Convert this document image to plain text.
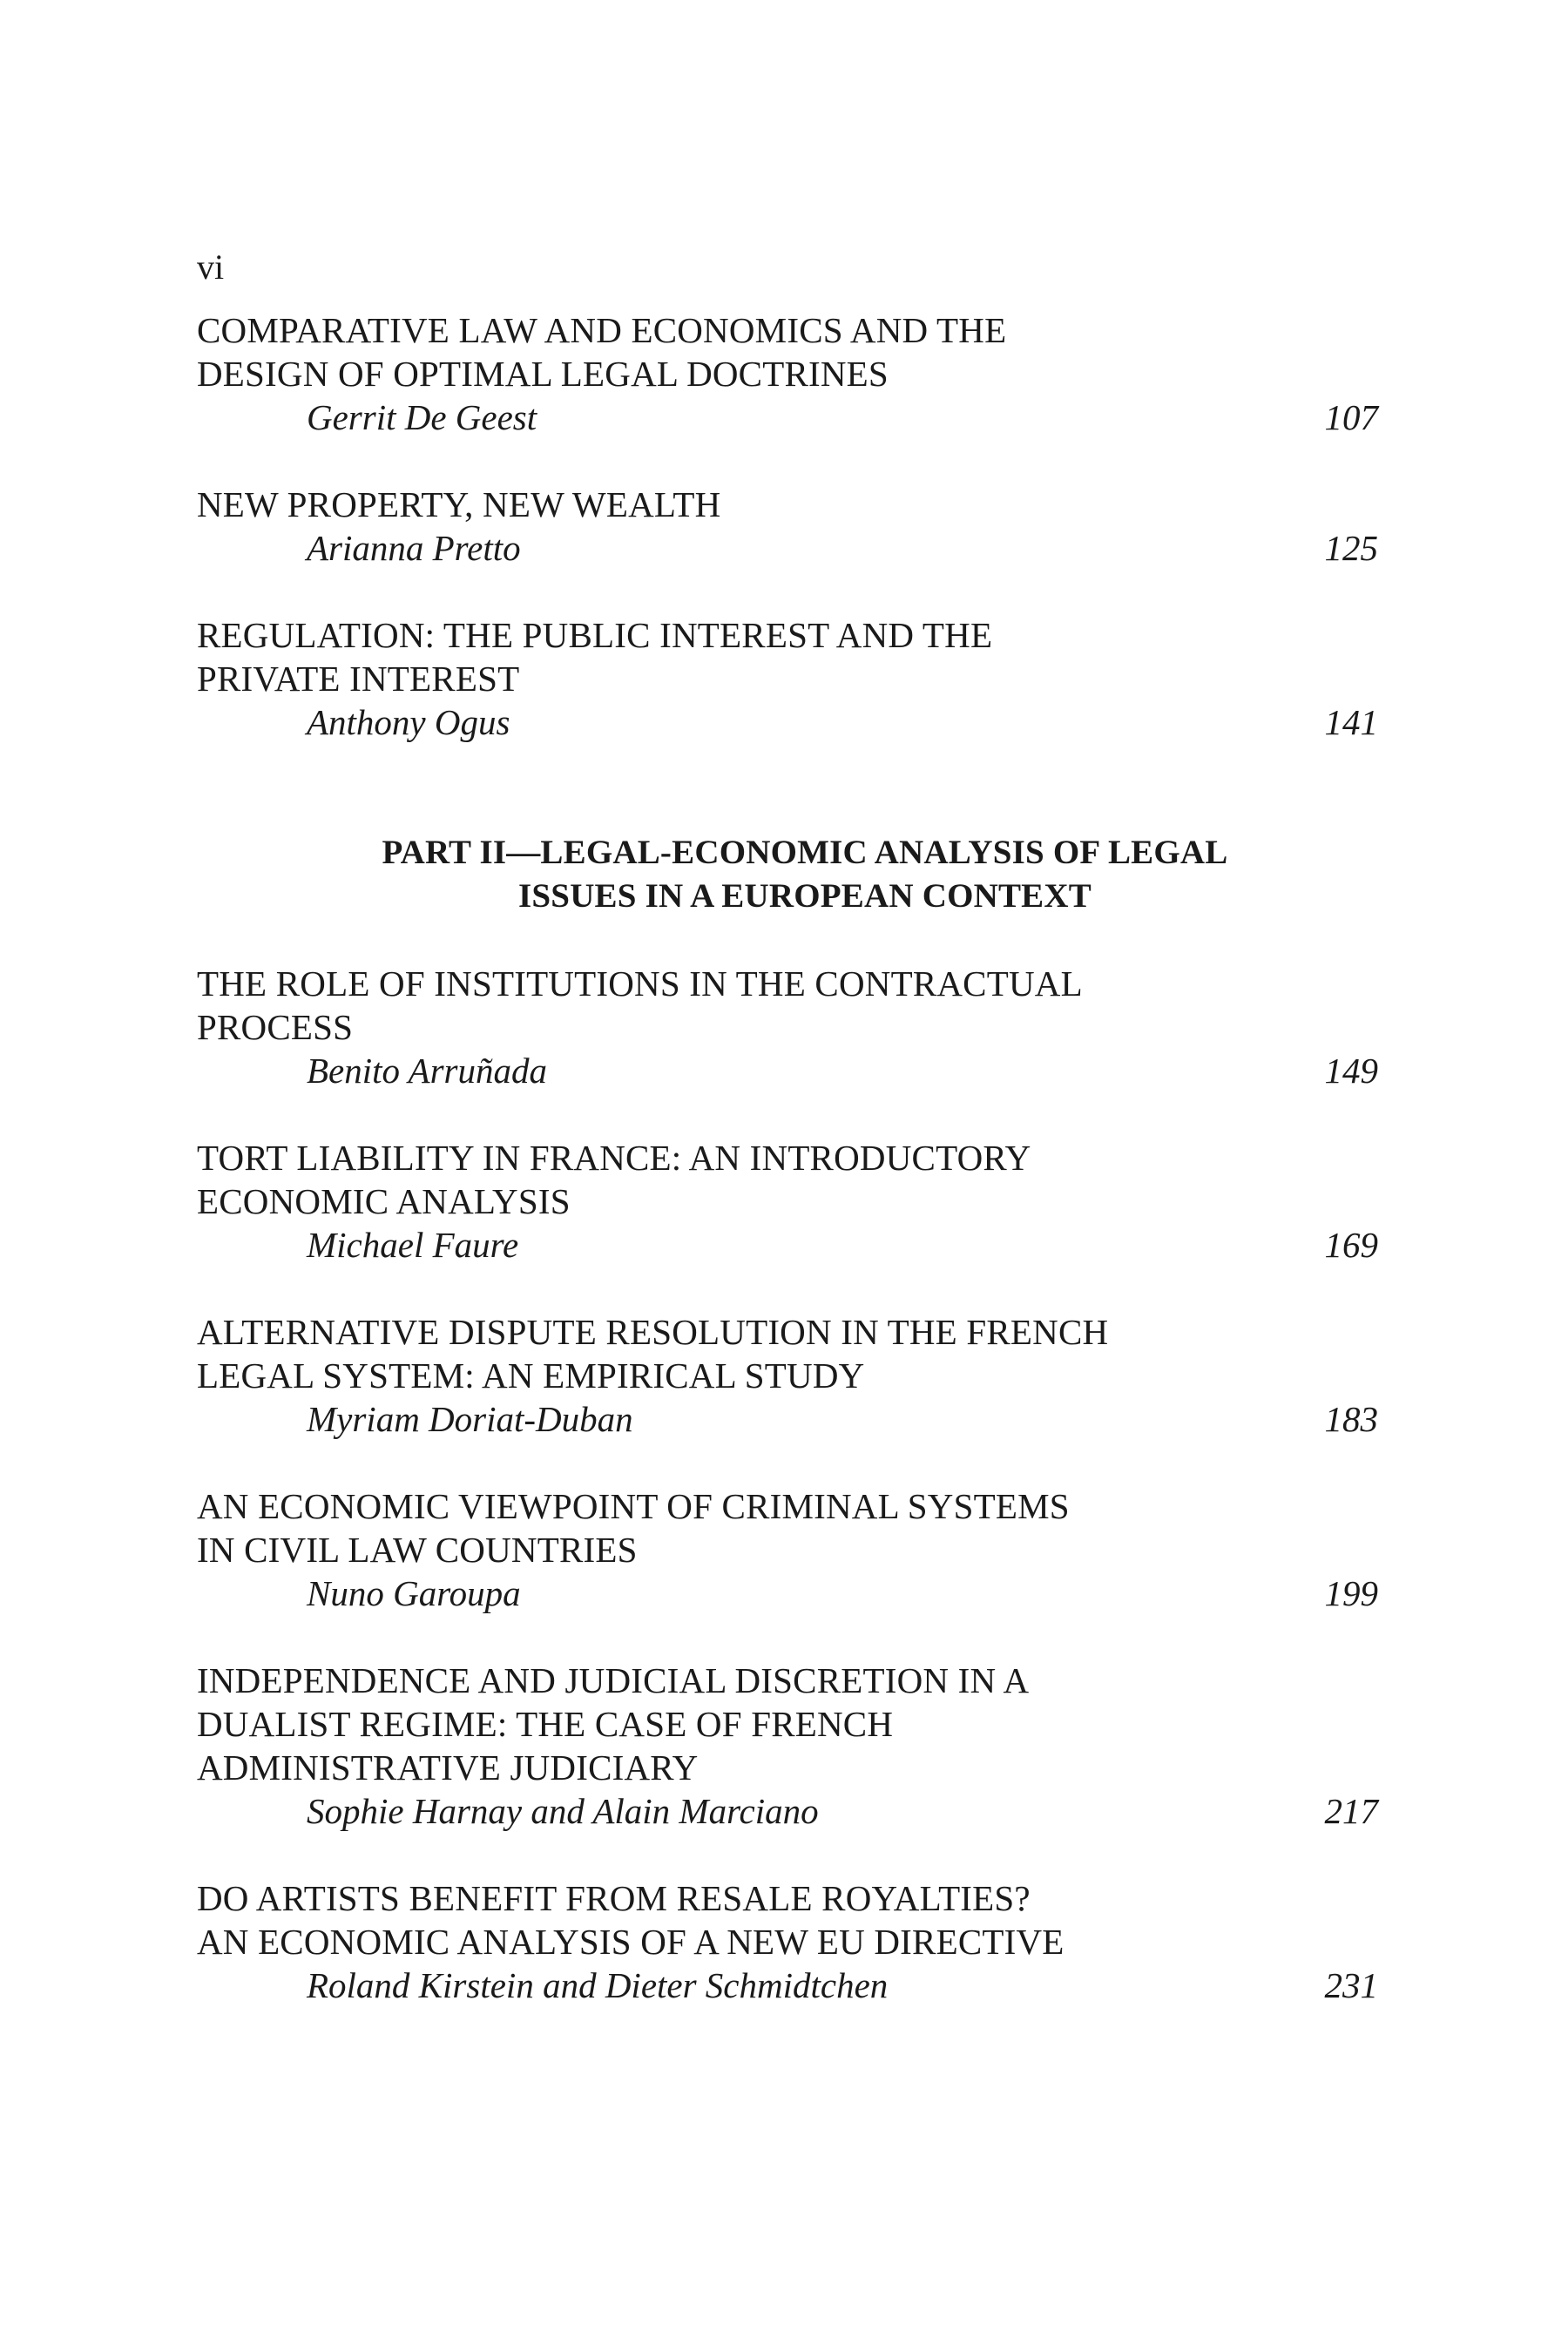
vi
COMPARATIVE LAW AND ECONOMICS AND THE
DESIGN OF OPTIMAL LEGAL DOCTRINES
Gerrit De Geest	107
NEW PROPERTY, NEW WEALTH
Arianna Pretto	125
REGULATION: THE PUBLIC INTEREST AND THE
PRIVATE INTEREST
Anthony Ogus	141
PART II—LEGAL-ECONOMIC ANALYSIS OF LEGAL
ISSUES IN A EUROPEAN CONTEXT
THE ROLE OF INSTITUTIONS IN THE CONTRACTUAL
PROCESS
Benito Arruñada	149
TORT LIABILITY IN FRANCE: AN INTRODUCTORY
ECONOMIC ANALYSIS
Michael Faure	169
ALTERNATIVE DISPUTE RESOLUTION IN THE FRENCH
LEGAL SYSTEM: AN EMPIRICAL STUDY
Myriam Doriat-Duban	183
AN ECONOMIC VIEWPOINT OF CRIMINAL SYSTEMS
IN CIVIL LAW COUNTRIES
Nuno Garoupa	199
INDEPENDENCE AND JUDICIAL DISCRETION IN A
DUALIST REGIME: THE CASE OF FRENCH
ADMINISTRATIVE JUDICIARY
Sophie Harnay and Alain Marciano	217
DO ARTISTS BENEFIT FROM RESALE ROYALTIES?
AN ECONOMIC ANALYSIS OF A NEW EU DIRECTIVE
Roland Kirstein and Dieter Schmidtchen	231
